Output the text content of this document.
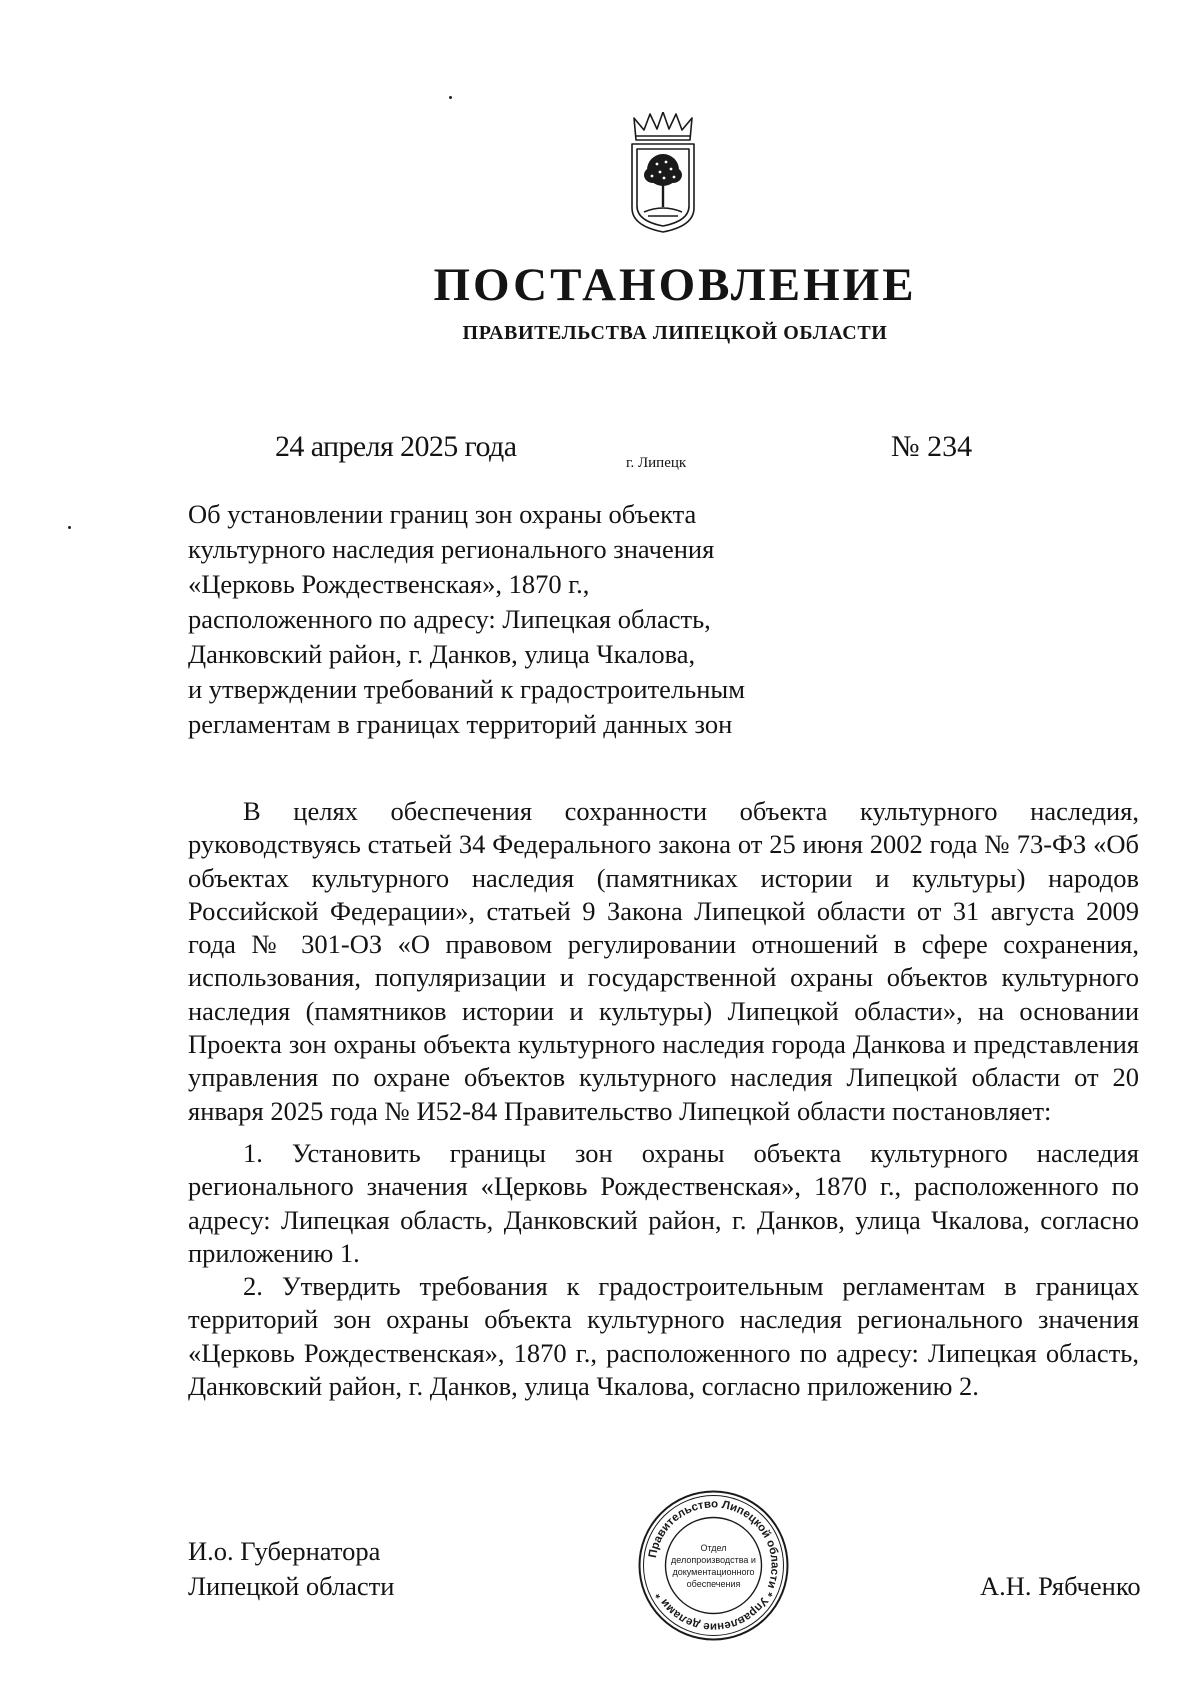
ПОСТАНОВЛЕНИЕ
ПРАВИТЕЛЬСТВА ЛИПЕЦКОЙ ОБЛАСТИ
24 апреля 2025 года	г. Липецк	№ 234
Об установлении границ зон охраны объекта
культурного наследия регионального значения
«Церковь Рождественская», 1870 г.,
расположенного по адресу: Липецкая область,
Данковский район, г. Данков, улица Чкалова,
и утверждении требований к градостроительным
регламентам в границах территорий данных зон

В целях обеспечения сохранности объекта культурного наследия, руководствуясь статьей 34 Федерального закона от 25 июня 2002 года № 73-ФЗ «Об объектах культурного наследия (памятниках истории и культуры) народов Российской Федерации», статьей 9 Закона Липецкой области от 31 августа 2009 года № 301-ОЗ «О правовом регулировании отношений в сфере сохранения, использования, популяризации и государственной охраны объектов культурного наследия (памятников истории и культуры) Липецкой области», на основании Проекта зон охраны объекта культурного наследия города Данкова и представления управления по охране объектов культурного наследия Липецкой области от 20 января 2025 года № И52-84 Правительство Липецкой области постановляет:

1. Установить границы зон охраны объекта культурного наследия регионального значения «Церковь Рождественская», 1870 г., расположенного по адресу: Липецкая область, Данковский район, г. Данков, улица Чкалова, согласно приложению 1.

2. Утвердить требования к градостроительным регламентам в границах территорий зон охраны объекта культурного наследия регионального значения «Церковь Рождественская», 1870 г., расположенного по адресу: Липецкая область, Данковский район, г. Данков, улица Чкалова, согласно приложению 2.

И.о. Губернатора
Липецкой области	А.Н. Рябченко
Правительство Липецкой области * Управление делами *
Отдел
делопроизводства и
документационного
обеспечения
